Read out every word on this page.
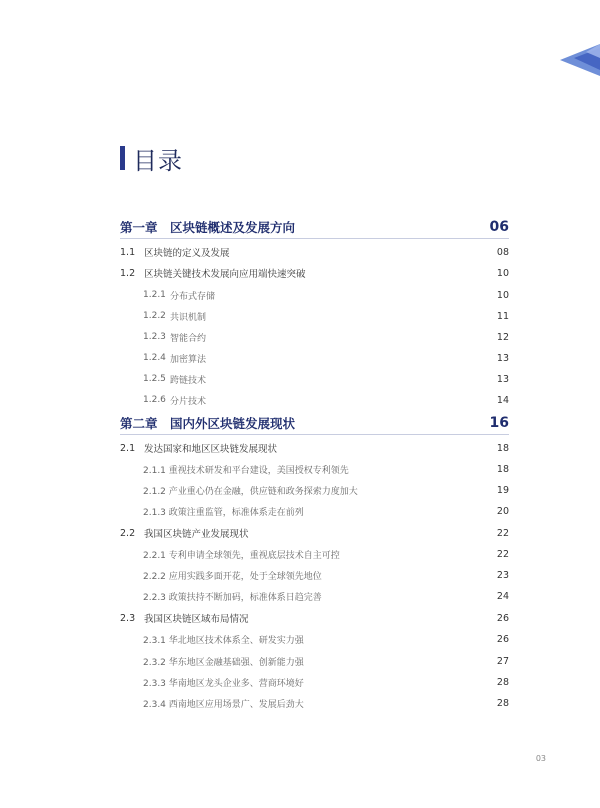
目录
第一章　区块链概述及发展方向	06
1.1 区块链的定义及发展	08
1.2 区块链关键技术发展向应用端快速突破	10
1.2.1 分布式存储	10
1.2.2 共识机制	11
1.2.3 智能合约	12
1.2.4 加密算法	13
1.2.5 跨链技术	13
1.2.6 分片技术	14
第二章　国内外区块链发展现状	16
2.1 发达国家和地区区块链发展现状	18
2.1.1 重视技术研发和平台建设，美国授权专利领先	18
2.1.2 产业重心仍在金融，供应链和政务探索力度加大	19
2.1.3 政策注重监管，标准体系走在前列	20
2.2 我国区块链产业发展现状	22
2.2.1 专利申请全球领先，重视底层技术自主可控	22
2.2.2 应用实践多面开花，处于全球领先地位	23
2.2.3 政策扶持不断加码，标准体系日趋完善	24
2.3 我国区块链区域布局情况	26
2.3.1 华北地区技术体系全、研发实力强	26
2.3.2 华东地区金融基础强、创新能力强	27
2.3.3 华南地区龙头企业多、营商环境好	28
2.3.4 西南地区应用场景广、发展后劲大	28
03
